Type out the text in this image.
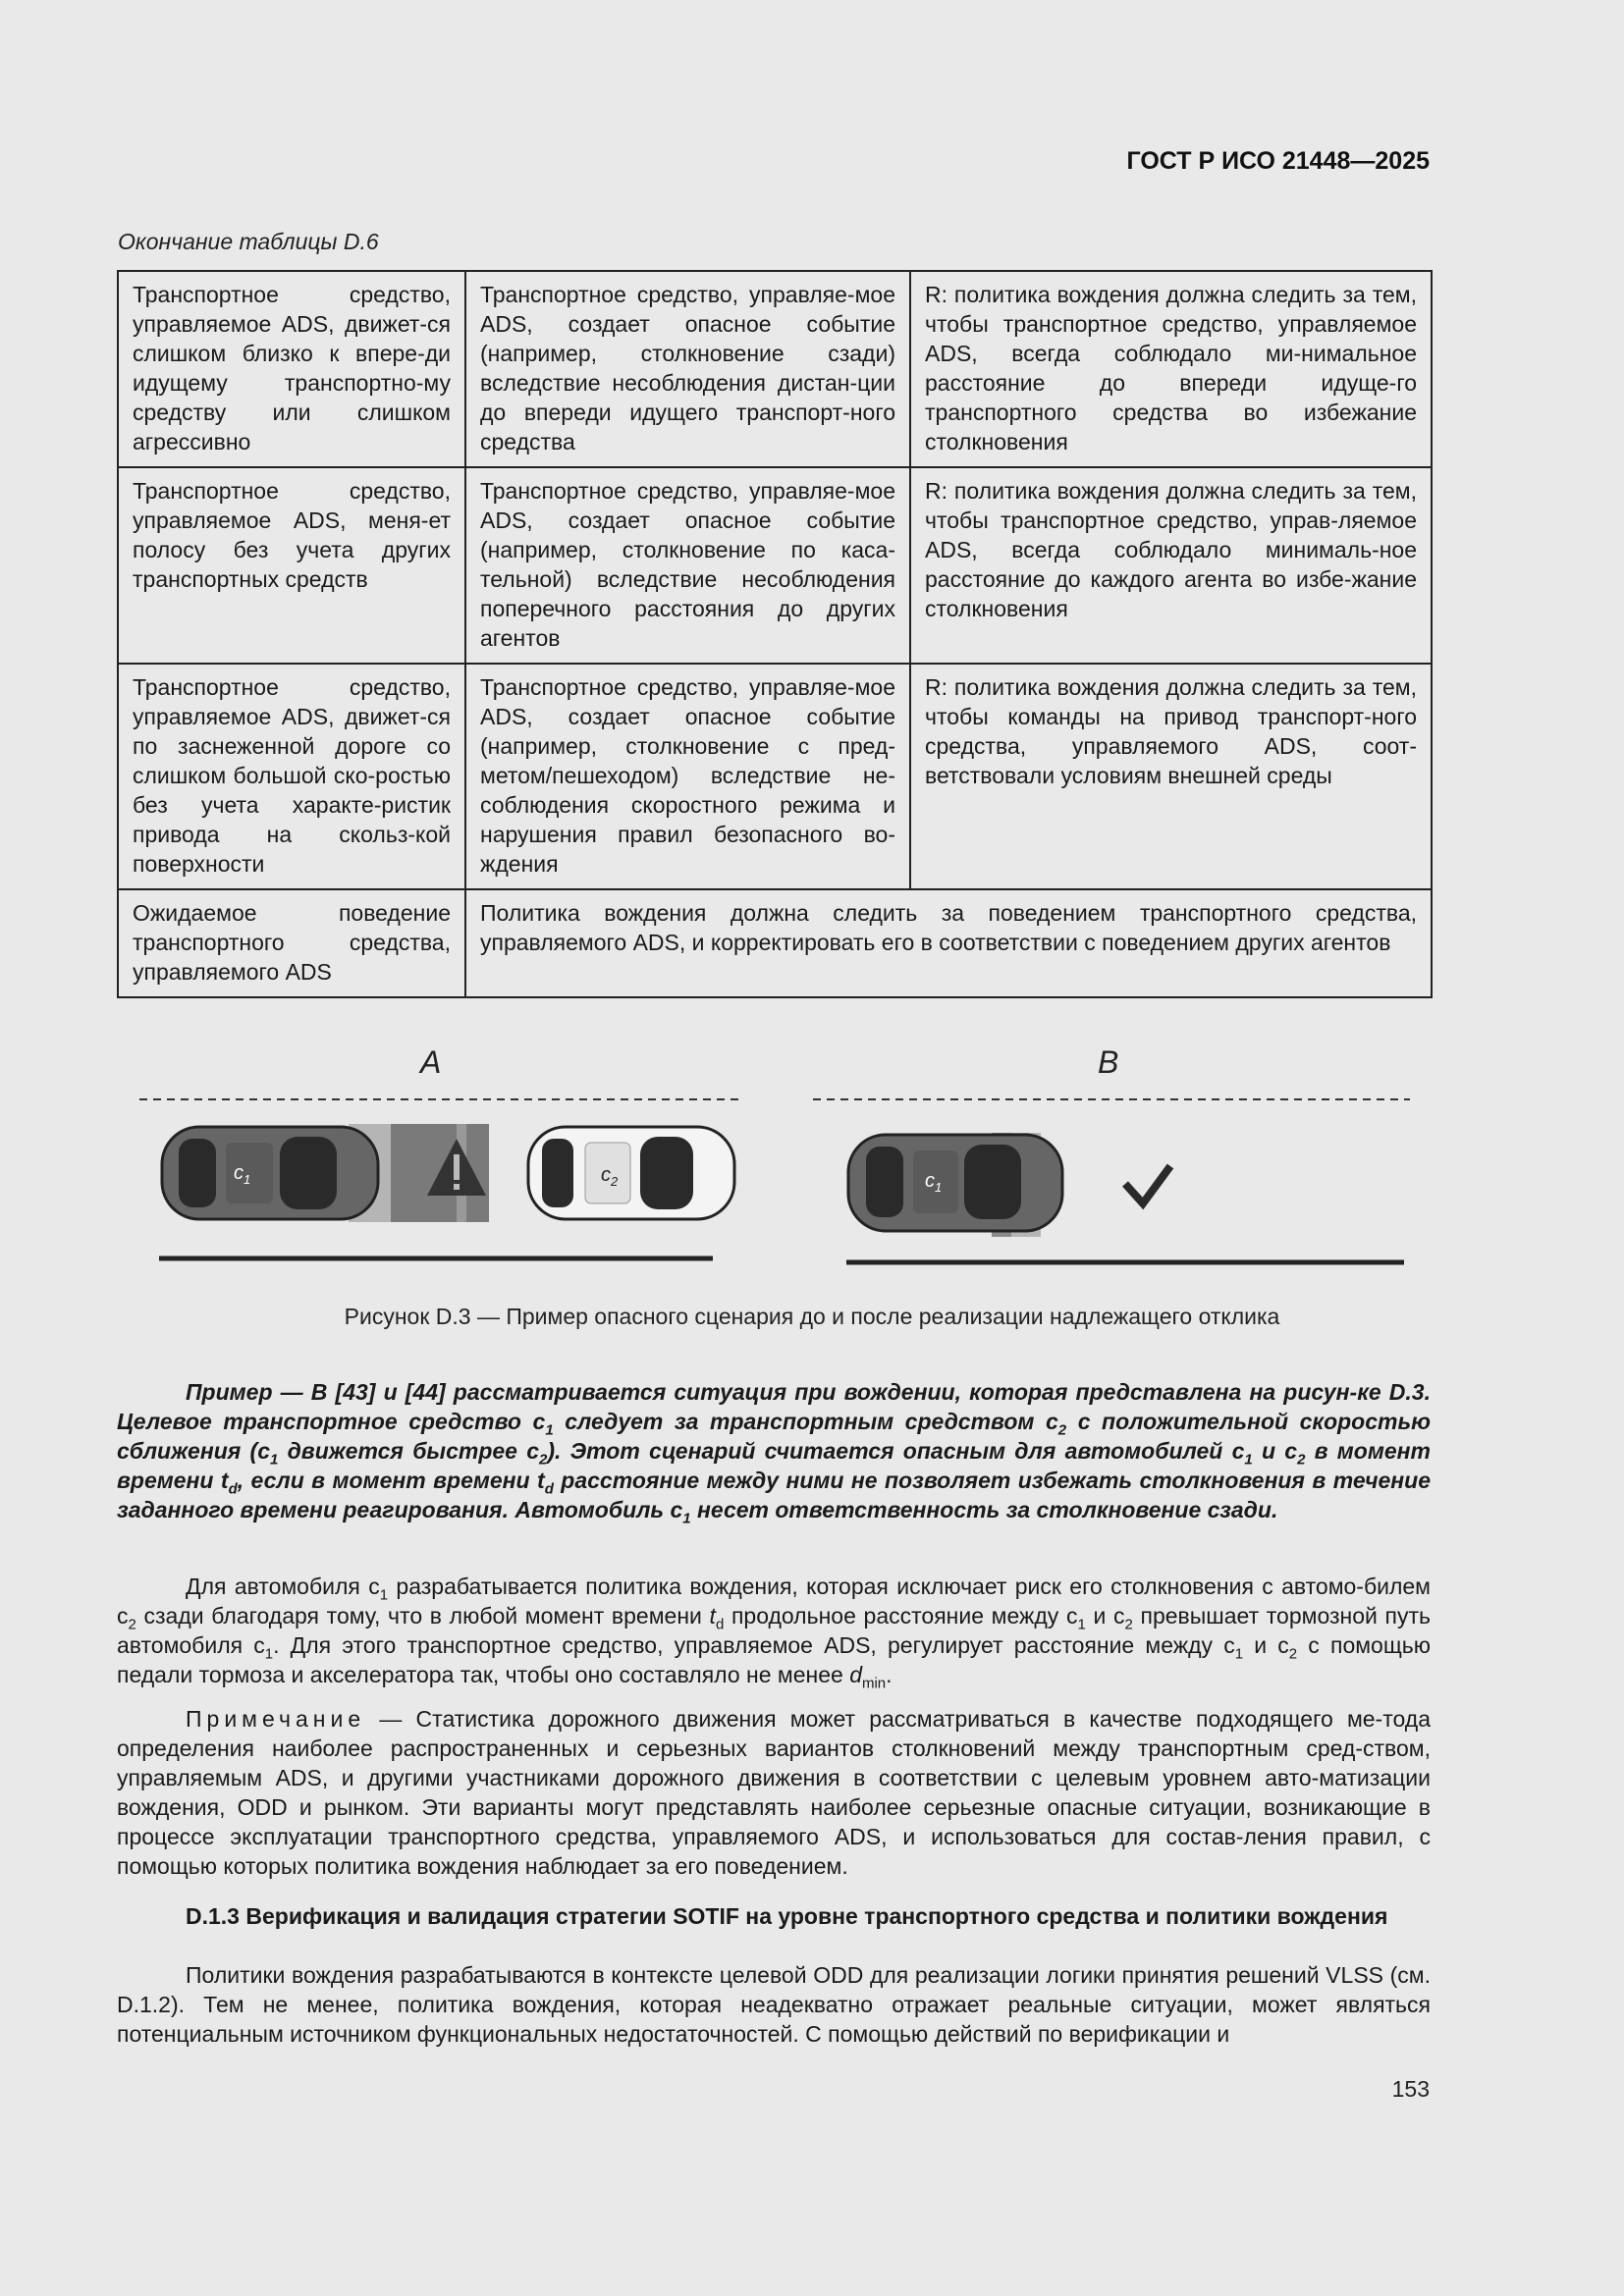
ГОСТ Р ИСО 21448—2025
Окончание таблицы D.6
Транспортное средство, управляемое ADS, движет-ся слишком близко к впере-ди идущему транспортно-му средству или слишком агрессивно	Транспортное средство, управляе-мое ADS, создает опасное событие (например, столкновение сзади) вследствие несоблюдения дистан-ции до впереди идущего транспорт-ного средства	R: политика вождения должна следить за тем, чтобы транспортное средство, управляемое ADS, всегда соблюдало ми-нимальное расстояние до впереди идуще-го транспортного средства во избежание столкновения
Транспортное средство, управляемое ADS, меня-ет полосу без учета других транспортных средств	Транспортное средство, управляе-мое ADS, создает опасное событие (например, столкновение по каса-тельной) вследствие несоблюдения поперечного расстояния до других агентов	R: политика вождения должна следить за тем, чтобы транспортное средство, управ-ляемое ADS, всегда соблюдало минималь-ное расстояние до каждого агента во избе-жание столкновения
Транспортное средство, управляемое ADS, движет-ся по заснеженной дороге со слишком большой ско-ростью без учета характе-ристик привода на скольз-кой поверхности	Транспортное средство, управляе-мое ADS, создает опасное событие (например, столкновение с пред-метом/пешеходом) вследствие не-соблюдения скоростного режима и нарушения правил безопасного во-ждения	R: политика вождения должна следить за тем, чтобы команды на привод транспорт-ного средства, управляемого ADS, соот-ветствовали условиям внешней среды
Ожидаемое поведение транспортного средства, управляемого ADS	Политика вождения должна следить за поведением транспортного средства, управляемого ADS, и корректировать его в соответствии с поведением других агентов	
A	B
$c_1$	$c_2$	$c_1$
Рисунок D.3 — Пример опасного сценария до и после реализации надлежащего отклика
Пример — В [43] и [44] рассматривается ситуация при вождении, которая представлена на рисун-ке D.3. Целевое транспортное средство $c_1$ следует за транспортным средством $c_2$ с положительной скоростью сближения ($c_1$ движется быстрее $c_2$). Этот сценарий считается опасным для автомобилей $c_1$ и $c_2$ в момент времени $t_d$, если в момент времени $t_d$ расстояние между ними не позволяет избежать столкновения в течение заданного времени реагирования. Автомобиль $c_1$ несет ответственность за столкновение сзади.
Для автомобиля $c_1$ разрабатывается политика вождения, которая исключает риск его столкновения с автомо-билем $c_2$ сзади благодаря тому, что в любой момент времени $t_d$ продольное расстояние между $c_1$ и $c_2$ превышает тормозной путь автомобиля $c_1$. Для этого транспортное средство, управляемое ADS, регулирует расстояние между $c_1$ и $c_2$ с помощью педали тормоза и акселератора так, чтобы оно составляло не менее $d_{min}$.
Примечание — Статистика дорожного движения может рассматриваться в качестве подходящего ме-тода определения наиболее распространенных и серьезных вариантов столкновений между транспортным сред-ством, управляемым ADS, и другими участниками дорожного движения в соответствии с целевым уровнем авто-матизации вождения, ODD и рынком. Эти варианты могут представлять наиболее серьезные опасные ситуации, возникающие в процессе эксплуатации транспортного средства, управляемого ADS, и использоваться для состав-ления правил, с помощью которых политика вождения наблюдает за его поведением.
D.1.3 Верификация и валидация стратегии SOTIF на уровне транспортного средства и политики вождения
Политики вождения разрабатываются в контексте целевой ODD для реализации логики принятия решений VLSS (см. D.1.2). Тем не менее, политика вождения, которая неадекватно отражает реальные ситуации, может являться потенциальным источником функциональных недостаточностей. С помощью действий по верификации и
153
